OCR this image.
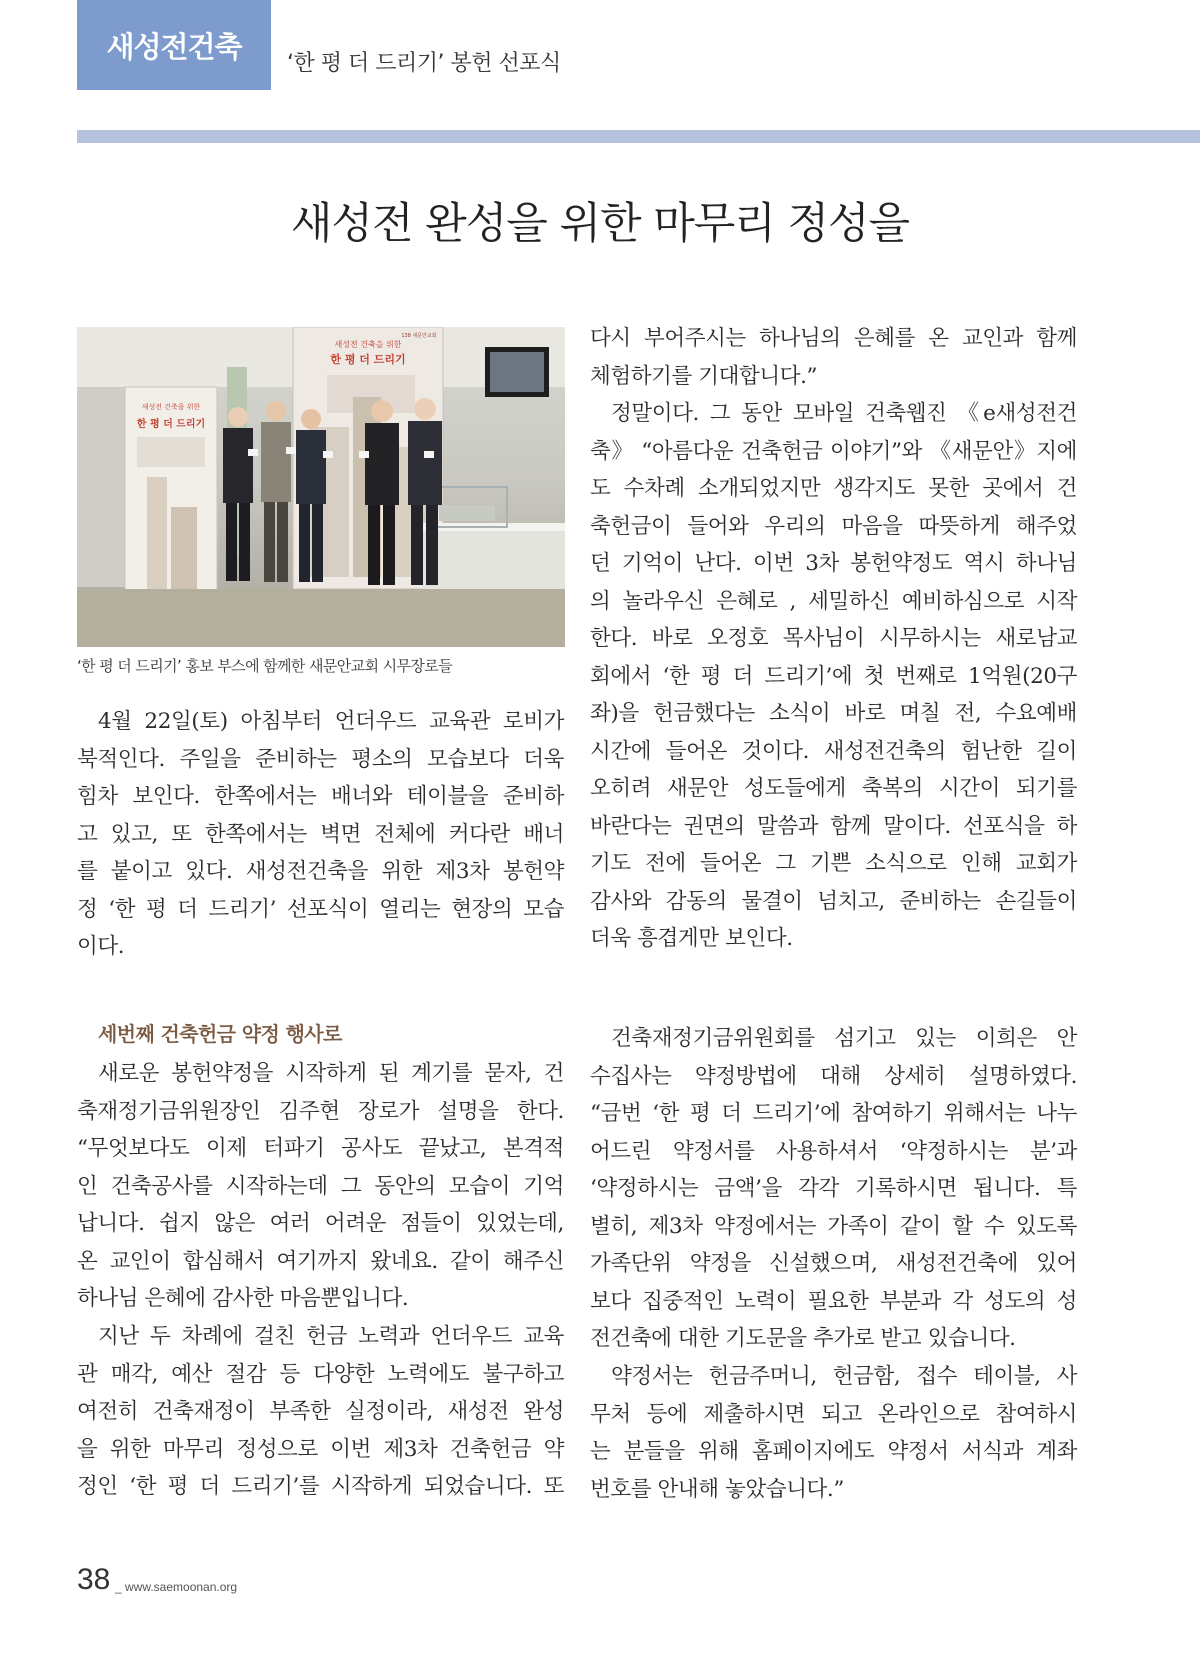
새성전건축	‘한 평 더 드리기’ 봉헌 선포식
새성전 완성을 위한 마무리 정성을
새성전 건축을 위한
한 평 더 드리기
138 새문안교회
새성전 건축을 위한
한 평 더 드리기
‘한 평 더 드리기’ 홍보 부스에 함께한 새문안교회 시무장로들
4월 22일(토) 아침부터 언더우드 교육관 로비가
북적인다. 주일을 준비하는 평소의 모습보다 더욱
힘차 보인다. 한쪽에서는 배너와 테이블을 준비하
고 있고, 또 한쪽에서는 벽면 전체에 커다란 배너
를 붙이고 있다. 새성전건축을 위한 제3차 봉헌약
정 ‘한 평 더 드리기’ 선포식이 열리는 현장의 모습
이다.
세번째 건축헌금 약정 행사로
새로운 봉헌약정을 시작하게 된 계기를 묻자, 건
축재정기금위원장인 김주현 장로가 설명을 한다.
“무엇보다도 이제 터파기 공사도 끝났고, 본격적
인 건축공사를 시작하는데 그 동안의 모습이 기억
납니다. 쉽지 않은 여러 어려운 점들이 있었는데,
온 교인이 합심해서 여기까지 왔네요. 같이 해주신
하나님 은혜에 감사한 마음뿐입니다.
지난 두 차례에 걸친 헌금 노력과 언더우드 교육
관 매각, 예산 절감 등 다양한 노력에도 불구하고
여전히 건축재정이 부족한 실정이라, 새성전 완성
을 위한 마무리 정성으로 이번 제3차 건축헌금 약
정인 ‘한 평 더 드리기’를 시작하게 되었습니다. 또
다시 부어주시는 하나님의 은혜를 온 교인과 함께
체험하기를 기대합니다.”
정말이다. 그 동안 모바일 건축웹진 《e새성전건
축》 “아름다운 건축헌금 이야기”와 《새문안》지에
도 수차례 소개되었지만 생각지도 못한 곳에서 건
축헌금이 들어와 우리의 마음을 따뜻하게 해주었
던 기억이 난다. 이번 3차 봉헌약정도 역시 하나님
의 놀라우신 은혜로 , 세밀하신 예비하심으로 시작
한다. 바로 오정호 목사님이 시무하시는 새로남교
회에서 ‘한 평 더 드리기’에 첫 번째로 1억원(20구
좌)을 헌금했다는 소식이 바로 며칠 전, 수요예배
시간에 들어온 것이다. 새성전건축의 험난한 길이
오히려 새문안 성도들에게 축복의 시간이 되기를
바란다는 권면의 말씀과 함께 말이다. 선포식을 하
기도 전에 들어온 그 기쁜 소식으로 인해 교회가
감사와 감동의 물결이 넘치고, 준비하는 손길들이
더욱 흥겹게만 보인다.
건축재정기금위원회를 섬기고 있는 이희은 안
수집사는 약정방법에 대해 상세히 설명하였다.
“금번 ‘한 평 더 드리기’에 참여하기 위해서는 나누
어드린 약정서를 사용하셔서 ‘약정하시는 분’과
‘약정하시는 금액’을 각각 기록하시면 됩니다. 특
별히, 제3차 약정에서는 가족이 같이 할 수 있도록
가족단위 약정을 신설했으며, 새성전건축에 있어
보다 집중적인 노력이 필요한 부분과 각 성도의 성
전건축에 대한 기도문을 추가로 받고 있습니다.
약정서는 헌금주머니, 헌금함, 접수 테이블, 사
무처 등에 제출하시면 되고 온라인으로 참여하시
는 분들을 위해 홈페이지에도 약정서 서식과 계좌
번호를 안내해 놓았습니다.”
38 _ www.saemoonan.org
